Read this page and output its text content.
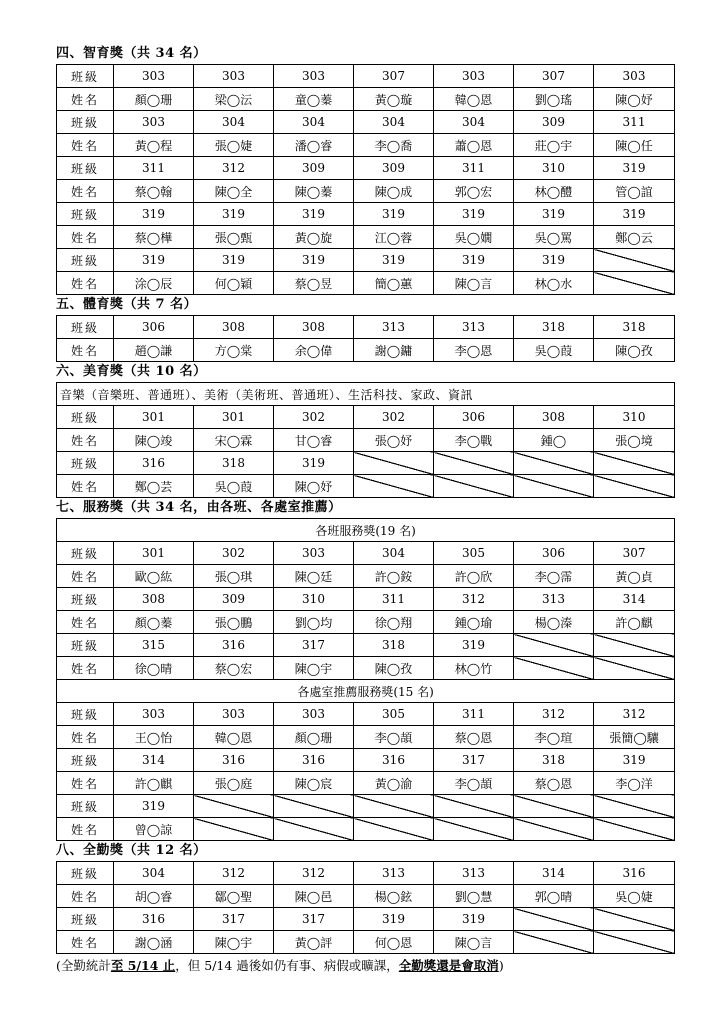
四、智育獎（共 34 名）
班級	303	303	303	307	303	307	303
姓名	顏◯珊	梁◯沄	童◯蓁	黃◯璇	韓◯恩	劉◯瑤	陳◯妤
班級	303	304	304	304	304	309	311
姓名	黃◯程	張◯婕	潘◯睿	李◯喬	蕭◯恩	莊◯宇	陳◯任
班級	311	312	309	309	311	310	319
姓名	蔡◯翰	陳◯全	陳◯蓁	陳◯成	郭◯宏	林◯醴	管◯誼
班級	319	319	319	319	319	319	319
姓名	蔡◯樺	張◯甄	黃◯旋	江◯蓉	吳◯嫺	吳◯罵	鄭◯云
班級	319	319	319	319	319	319	
姓名	涂◯辰	何◯穎	蔡◯昱	簡◯蕙	陳◯言	林◯水	
五、體育獎（共 7 名）
班級	306	308	308	313	313	318	318
姓名	趙◯謙	方◯棠	余◯偉	謝◯鏞	李◯恩	吳◯葭	陳◯孜
六、美育獎（共 10 名）
音樂（音樂班、普通班）、美術（美術班、普通班）、生活科技、家政、資訊							
班級	301	301	302	302	306	308	310
姓名	陳◯竣	宋◯霖	甘◯睿	張◯妤	李◯戰	鍾◯	張◯境
班級	316	318	319				
姓名	鄭◯芸	吳◯葭	陳◯妤				
七、服務獎（共 34 名，由各班、各處室推薦）
各班服務獎(19 名)							
班級	301	302	303	304	305	306	307
姓名	歐◯紘	張◯琪	陳◯廷	許◯銨	許◯欣	李◯霈	黃◯貞
班級	308	309	310	311	312	313	314
姓名	顏◯蓁	張◯鵬	劉◯均	徐◯翔	鍾◯瑜	楊◯溱	許◯麒
班級	315	316	317	318	319		
姓名	徐◯晴	蔡◯宏	陳◯宇	陳◯孜	林◯竹		
各處室推薦服務獎(15 名)							
班級	303	303	303	305	311	312	312
姓名	王◯怡	韓◯恩	顏◯珊	李◯頡	蔡◯恩	李◯瑄	張簡◯驤
班級	314	316	316	316	317	318	319
姓名	許◯麒	張◯庭	陳◯宸	黃◯渝	李◯頡	蔡◯恩	李◯洋
班級	319						
姓名	曾◯諒						
八、全勤獎（共 12 名）
班級	304	312	312	313	313	314	316
姓名	胡◯睿	鄒◯聖	陳◯邑	楊◯鉉	劉◯慧	郭◯晴	吳◯婕
班級	316	317	317	319	319		
姓名	謝◯涵	陳◯宇	黃◯評	何◯恩	陳◯言		
(全勤統計至 5/14 止，但 5/14 過後如仍有事、病假或曠課，全勤獎還是會取消)
